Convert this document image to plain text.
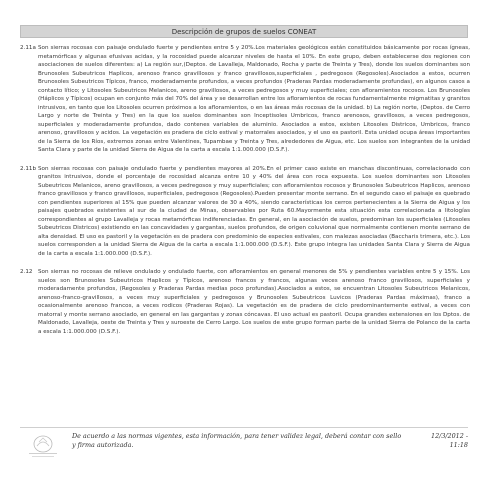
Descripción de grupos de suelos CONEAT
2.11a Son sierras rocosas con paisaje ondulado fuerte y pendientes entre 5 y 20%.Los materiales geológicos están constituidos básicamente por rocas ígneas, metamórficas y algunas efusivas acidas, y la rocosidad puede alcanzar niveles de hasta el 10%. En este grupo, deben establecerse dos regiones con asociaciones de suelos diferentes: a) La región sur,(Deptos. de Lavalleja, Maldonado, Rocha y parte de Treinta y Tres), donde los suelos dominantes son Brunosoles Subeutricos Haplicos, arenoso franco gravillosos y franco gravillosos,superficiales , pedregosos (Regosoles).Asociados a estos, ocurren Brunosoles Subeutricos Típicos, franco, moderadamente profundos, a veces profundos (Praderas Pardas moderadamente profundas), en algunos casos a contacto lítico; y Litosoles Subeutricos Melanicos, areno gravillosos, a veces pedregosos y muy superficiales; con afloramientos rocosos. Los Brunosoles (Háplicos y Típicos) ocupan en conjunto más del 70% del área y se desarrollan entre los afloramientos de rocas fundamentalmente migmatitas y granitos intrusivos, en tanto que los Litosoles ocurren próximos a los afloramientos, o en las áreas más rocosas de la unidad. b) La región norte, (Deptos. de Cerro Largo y norte de Treinta y Tres) en la que los suelos dominantes son Inceptisoles Umbricos, franco arenosos, gravillosos, a veces pedregosos, superficiales y moderadamente profundos, dado contenes variables de aluminio. Asociados a estos, existen Litosoles Districos, Umbricos, franco arenoso, gravillosos y acidos. La vegetación es pradera de ciclo estival y matorrales asociados, y el uso es pastoril. Esta unidad ocupa áreas importantes de la Sierra de los Ríos, extremos zonas entre Valentines, Tupambae y Treinta y Tres, alrededores de Aigua, etc. Los suelos son integrantes de la unidad Santa Clara y parte de la unidad Sierra de Aigua de la carta a escala 1:1.000.000 (D.S.F.).
2.11b Son sierras rocosas con paisaje ondulado fuerte y pendientes mayores al 20%.En el primer caso existe en manchas discontinuas, correlacionado con granitos intrusivos, donde el porcentaje de rocosidad alcanza entre 10 y 40% del área con roca expuesta. Los suelos dominantes son Litosoles Subeutricos Melanicos, areno gravillosos, a veces pedregosos y muy superficiales; con afloramientos rocosos y Brunosoles Subeutricos Haplicos, arenoso franco gravillosos y franco gravillosos, superficiales, pedregosos (Regosoles).Pueden presentar monte serrano. En el segundo caso el paisaje es quebrado con pendientes superiores al 15% que pueden alcanzar valores de 30 a 40%, siendo características los cerros pertenecientes a la Sierra de Aigua y los paisajes quebrados existentes al sur de la ciudad de Minas, observables por Ruta 60.Mayormente esta situación esta correlacionada a litologías correspondientes al grupo Lavalleja y rocas metamórficas indiferenciadas. En general, en la asociación de suelos, predominan los superficiales (Litosoles Subeutricos Districos) existiendo en las concavidades y gargantas, suelos profundos, de origen coluvional que normalmente contienen monte serrano de alta densidad. El uso es pastoril y la vegetación es de pradera con predominio de especies estivales, con malezas asociadas (Baccharis trimera, etc.). Los suelos corresponden a la unidad Sierra de Aigua de la carta a escala 1:1.000.000 (D.S.F.). Este grupo integra las unidades Santa Clara y Sierra de Aigua de la carta a escala 1:1.000.000 (D.S.F.).
2.12 Son sierras no rocosas de relieve ondulado y ondulado fuerte, con afloramientos en general menores de 5% y pendientes variables entre 5 y 15%. Los suelos son Brunosoles Subeutricos Haplicos y Típicos, arenoso francos y francos, algunas veces arenoso franco gravillosos, superficiales y moderadamente profundos, (Regosoles y Praderas Pardas medias poco profundas).Asociados a estos, se encuentran Litosoles Subeutricos Melanicos, arenoso-franco-gravillosos, a veces muy superficiales y pedregosos y Brunosoles Subeutricos Luvicos (Praderas Pardas máximas), franco a ocasionalmente arenoso francos, a veces rodicos (Praderas Rojas). La vegetación es de pradera de ciclo predominantemente estival, a veces con matorral y monte serrano asociado, en general en las gargantas y zonas cóncavas. El uso actual es pastoril. Ocupa grandes extensiones en los Dptos. de Maldonado, Lavalleja, oeste de Treinta y Tres y suroeste de Cerro Largo. Los suelos de este grupo forman parte de la unidad Sierra de Polanco de la carta a escala 1:1.000.000 (D.S.F.).
De acuerdo a las normas vigentes, esta información, para tener validez legal, deberá contar con sello y firma autorizada.
12/3/2012 -
11:18
